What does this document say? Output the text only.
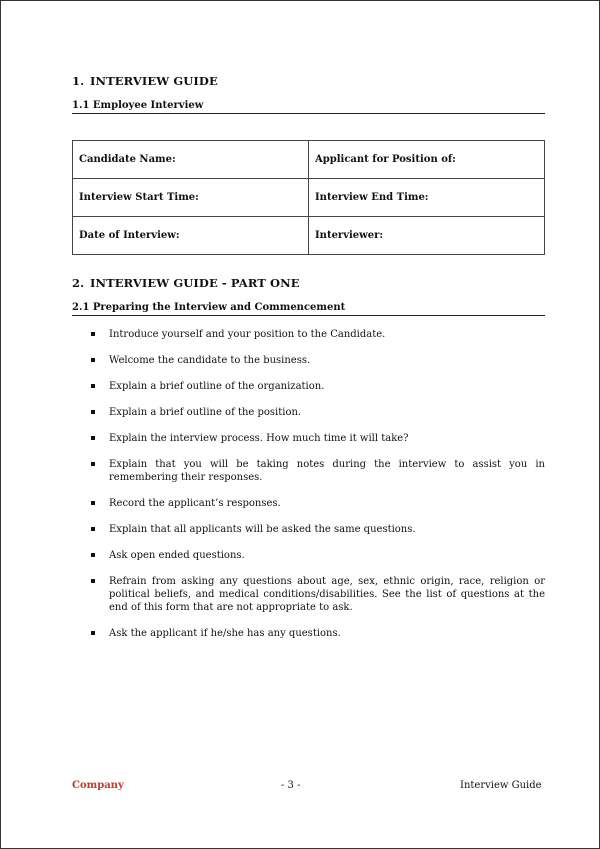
1. INTERVIEW GUIDE
1.1 Employee Interview
Candidate Name:	Applicant for Position of:
Interview Start Time:	Interview End Time:
Date of Interview:	Interviewer:
2. INTERVIEW GUIDE - PART ONE
2.1 Preparing the Interview and Commencement
Introduce yourself and your position to the Candidate.
Welcome the candidate to the business.
Explain a brief outline of the organization.
Explain a brief outline of the position.
Explain the interview process. How much time it will take?
Explain that you will be taking notes during the interview to assist you in remembering their responses.
Record the applicant’s responses.
Explain that all applicants will be asked the same questions.
Ask open ended questions.
Refrain from asking any questions about age, sex, ethnic origin, race, religion or political beliefs, and medical conditions/disabilities. See the list of questions at the end of this form that are not appropriate to ask.
Ask the applicant if he/she has any questions.
Company	- 3 -	Interview Guide
